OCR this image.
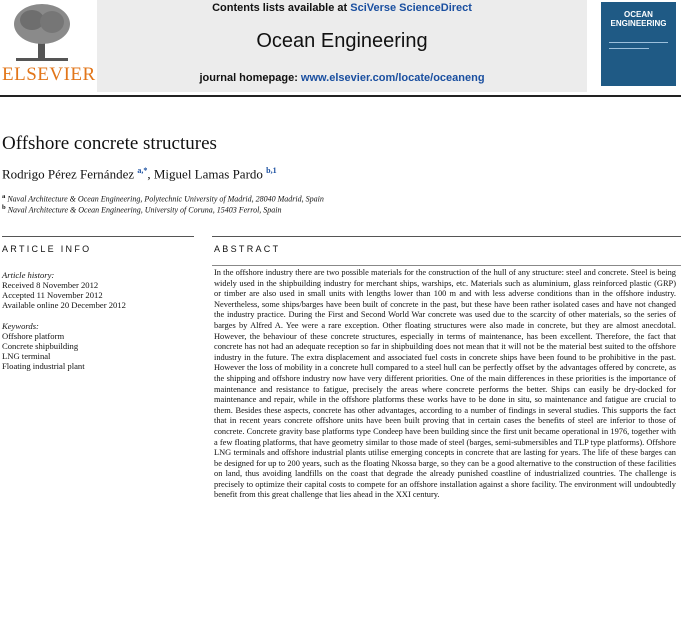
ELSEVIER
Contents lists available at SciVerse ScienceDirect
Ocean Engineering
journal homepage: www.elsevier.com/locate/oceaneng
OCEAN ENGINEERING
Offshore concrete structures
Rodrigo Pérez Fernández $^{a,*}$, Miguel Lamas Pardo $^{b,1}$
$^a$ Naval Architecture & Ocean Engineering, Polytechnic University of Madrid, 28040 Madrid, Spain
$^b$ Naval Architecture & Ocean Engineering, University of Coruna, 15403 Ferrol, Spain
ARTICLE INFO	ABSTRACT
Article history:
Received 8 November 2012
Accepted 11 November 2012
Available online 20 December 2012
Keywords:
Offshore platform
Concrete shipbuilding
LNG terminal
Floating industrial plant
In the offshore industry there are two possible materials for the construction of the hull of any structure: steel and concrete. Steel is being widely used in the shipbuilding industry for merchant ships, warships, etc. Materials such as aluminium, glass reinforced plastic (GRP) or timber are also used in small units with lengths lower than 100 m and with less adverse conditions than in the offshore industry. Nevertheless, some ships/barges have been built of concrete in the past, but these have been rather isolated cases and have not changed the industry practice. During the First and Second World War concrete was used due to the scarcity of other materials, so the series of barges by Alfred A. Yee were a rare exception. Other floating structures were also made in concrete, but they are almost anecdotal. However, the behaviour of these concrete structures, especially in terms of maintenance, has been excellent. Therefore, the fact that concrete has not had an adequate reception so far in shipbuilding does not mean that it will not be the material best suited to the offshore industry in the future. The extra displacement and associated fuel costs in concrete ships have been found to be prohibitive in the past. However the loss of mobility in a concrete hull compared to a steel hull can be perfectly offset by the advantages offered by concrete, as the shipping and offshore industry now have very different priorities. One of the main differences in these priorities is the importance of maintenance and resistance to fatigue, precisely the areas where concrete performs the better. Ships can easily be dry-docked for maintenance and repair, while in the offshore platforms these works have to be done in situ, so maintenance and fatigue are crucial to them. Besides these aspects, concrete has other advantages, according to a number of findings in several studies. This supports the fact that in recent years concrete offshore units have been built proving that in certain cases the benefits of steel are inferior to those of concrete. Concrete gravity base platforms type Condeep have been building since the first unit became operational in 1976, together with a few floating platforms, that have geometry similar to those made of steel (barges, semi-submersibles and TLP type platforms). Offshore LNG terminals and offshore industrial plants utilise emerging concepts in concrete that are lasting for years. The life of these barges can be designed for up to 200 years, such as the floating Nkossa barge, so they can be a good alternative to the construction of these facilities on land, thus avoiding landfills on the coast that degrade the already punished coastline of industrialized countries. The challenge is precisely to optimize their capital costs to compete for an offshore installation against a shore facility. The environment will undoubtedly benefit from this great challenge that lies ahead in the XXI century.
